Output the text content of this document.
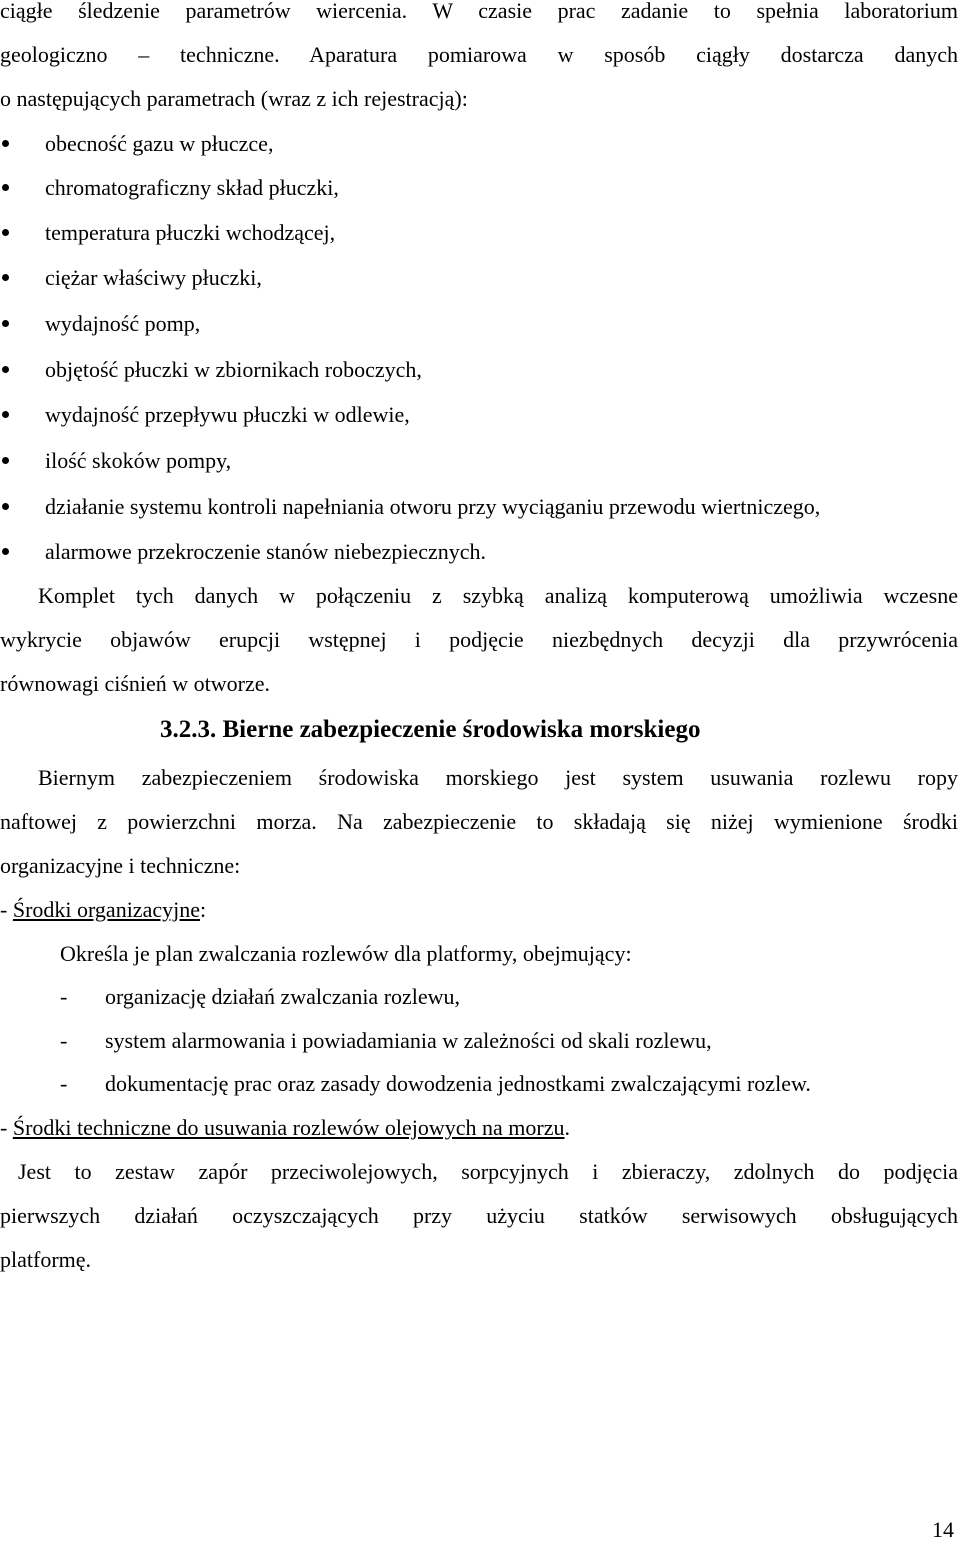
ciągłe śledzenie parametrów wiercenia. W czasie prac zadanie to spełnia laboratorium
geologiczno – techniczne. Aparatura pomiarowa w sposób ciągły dostarcza danych
o następujących parametrach (wraz z ich rejestracją):
obecność gazu w płuczce,
chromatograficzny skład płuczki,
temperatura płuczki wchodzącej,
ciężar właściwy płuczki,
wydajność pomp,
objętość płuczki w zbiornikach roboczych,
wydajność przepływu płuczki w odlewie,
ilość skoków pompy,
działanie systemu kontroli napełniania otworu przy wyciąganiu przewodu wiertniczego,
alarmowe przekroczenie stanów niebezpiecznych.
Komplet tych danych w połączeniu z szybką analizą komputerową umożliwia wczesne
wykrycie objawów erupcji wstępnej i podjęcie niezbędnych decyzji dla przywrócenia
równowagi ciśnień w otworze.
3.2.3. Bierne zabezpieczenie środowiska morskiego
Biernym zabezpieczeniem środowiska morskiego jest system usuwania rozlewu ropy
naftowej z powierzchni morza. Na zabezpieczenie to składają się niżej wymienione środki
organizacyjne i techniczne:
- Środki organizacyjne:
Określa je plan zwalczania rozlewów dla platformy, obejmujący:
- organizację działań zwalczania rozlewu,
- system alarmowania i powiadamiania w zależności od skali rozlewu,
- dokumentację prac oraz zasady dowodzenia jednostkami zwalczającymi rozlew.
- Środki techniczne do usuwania rozlewów olejowych na morzu.
Jest to zestaw zapór przeciwolejowych, sorpcyjnych i zbieraczy, zdolnych do podjęcia
pierwszych działań oczyszczających przy użyciu statków serwisowych obsługujących
platformę.
14
